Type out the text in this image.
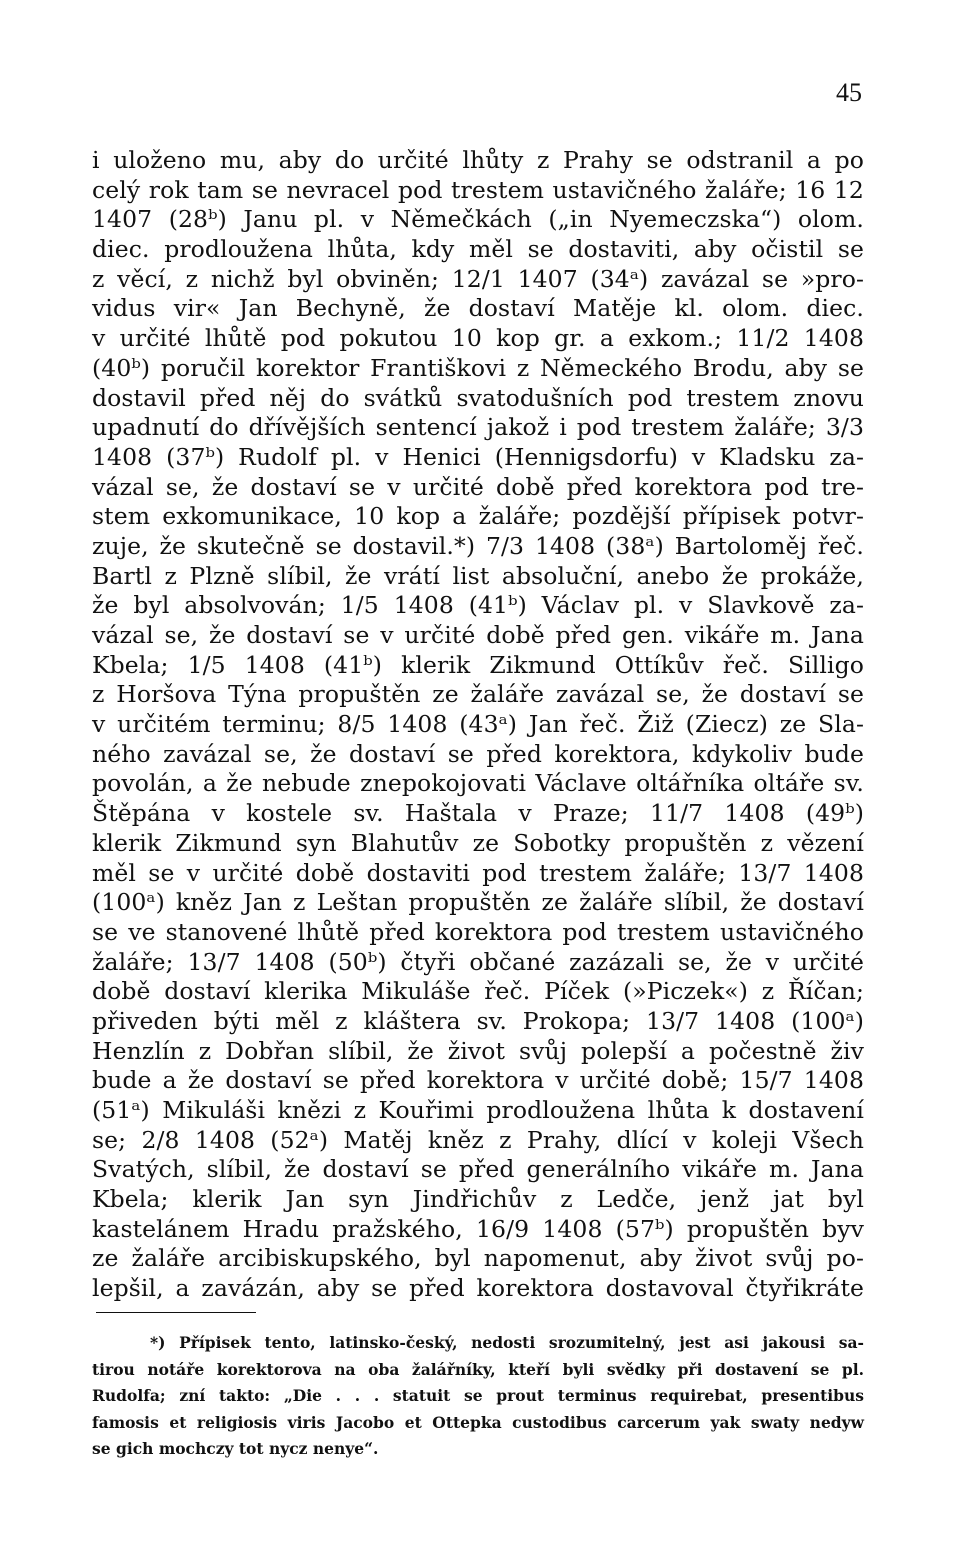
45
i uloženo mu, aby do určité lhůty z Prahy se odstranil a po
celý rok tam se nevracel pod trestem ustavičného žaláře; 16 12
1407 (28ᵇ) Janu pl. v Němečkách („in Nyemeczska“) olom.
diec. prodloužena lhůta, kdy měl se dostaviti, aby očistil se
z věcí, z nichž byl obviněn; 12/1 1407 (34ᵃ) zavázal se »pro-
vidus vir« Jan Bechyně, že dostaví Matěje kl. olom. diec.
v určité lhůtě pod pokutou 10 kop gr. a exkom.; 11/2 1408
(40ᵇ) poručil korektor Františkovi z Německého Brodu, aby se
dostavil před něj do svátků svatodušních pod trestem znovu
upadnutí do dřívějších sentencí jakož i pod trestem žaláře; 3/3
1408 (37ᵇ) Rudolf pl. v Henici (Hennigsdorfu) v Kladsku za-
vázal se, že dostaví se v určité době před korektora pod tre-
stem exkomunikace, 10 kop a žaláře; pozdější přípisek potvr-
zuje, že skutečně se dostavil.*) 7/3 1408 (38ᵃ) Bartoloměj řeč.
Bartl z Plzně slíbil, že vrátí list absoluční, anebo že prokáže,
že byl absolvován; 1/5 1408 (41ᵇ) Václav pl. v Slavkově za-
vázal se, že dostaví se v určité době před gen. vikáře m. Jana
Kbela; 1/5 1408 (41ᵇ) klerik Zikmund Ottíkův řeč. Silligo
z Horšova Týna propuštěn ze žaláře zavázal se, že dostaví se
v určitém terminu; 8/5 1408 (43ᵃ) Jan řeč. Žiž (Ziecz) ze Sla-
ného zavázal se, že dostaví se před korektora, kdykoliv bude
povolán, a že nebude znepokojovati Václave oltářníka oltáře sv.
Štěpána v kostele sv. Haštala v Praze; 11/7 1408 (49ᵇ)
klerik Zikmund syn Blahutův ze Sobotky propuštěn z vězení
měl se v určité době dostaviti pod trestem žaláře; 13/7 1408
(100ᵃ) kněz Jan z Leštan propuštěn ze žaláře slíbil, že dostaví
se ve stanovené lhůtě před korektora pod trestem ustavičného
žaláře; 13/7 1408 (50ᵇ) čtyři občané zazázali se, že v určité
době dostaví klerika Mikuláše řeč. Píček (»Piczek«) z Říčan;
přiveden býti měl z kláštera sv. Prokopa; 13/7 1408 (100ᵃ)
Henzlín z Dobřan slíbil, že život svůj polepší a počestně živ
bude a že dostaví se před korektora v určité době; 15/7 1408
(51ᵃ) Mikuláši knězi z Kouřimi prodloužena lhůta k dostavení
se; 2/8 1408 (52ᵃ) Matěj kněz z Prahy, dlící v koleji Všech
Svatých, slíbil, že dostaví se před generálního vikáře m. Jana
Kbela; klerik Jan syn Jindřichův z Ledče, jenž jat byl
kastelánem Hradu pražského, 16/9 1408 (57ᵇ) propuštěn byv
ze žaláře arcibiskupského, byl napomenut, aby život svůj po-
lepšil, a zavázán, aby se před korektora dostavoval čtyřikráte
*) Přípisek tento, latinsko-český, nedosti srozumitelný, jest asi jakousi sa-
tirou notáře korektorova na oba žalářníky, kteří byli svědky při dostavení se pl.
Rudolfa; zní takto: „Die . . . statuit se prout terminus requirebat, presentibus
famosis et religiosis viris Jacobo et Ottepka custodibus carcerum yak swaty nedyw
se gich mochczy tot nycz nenye“.
